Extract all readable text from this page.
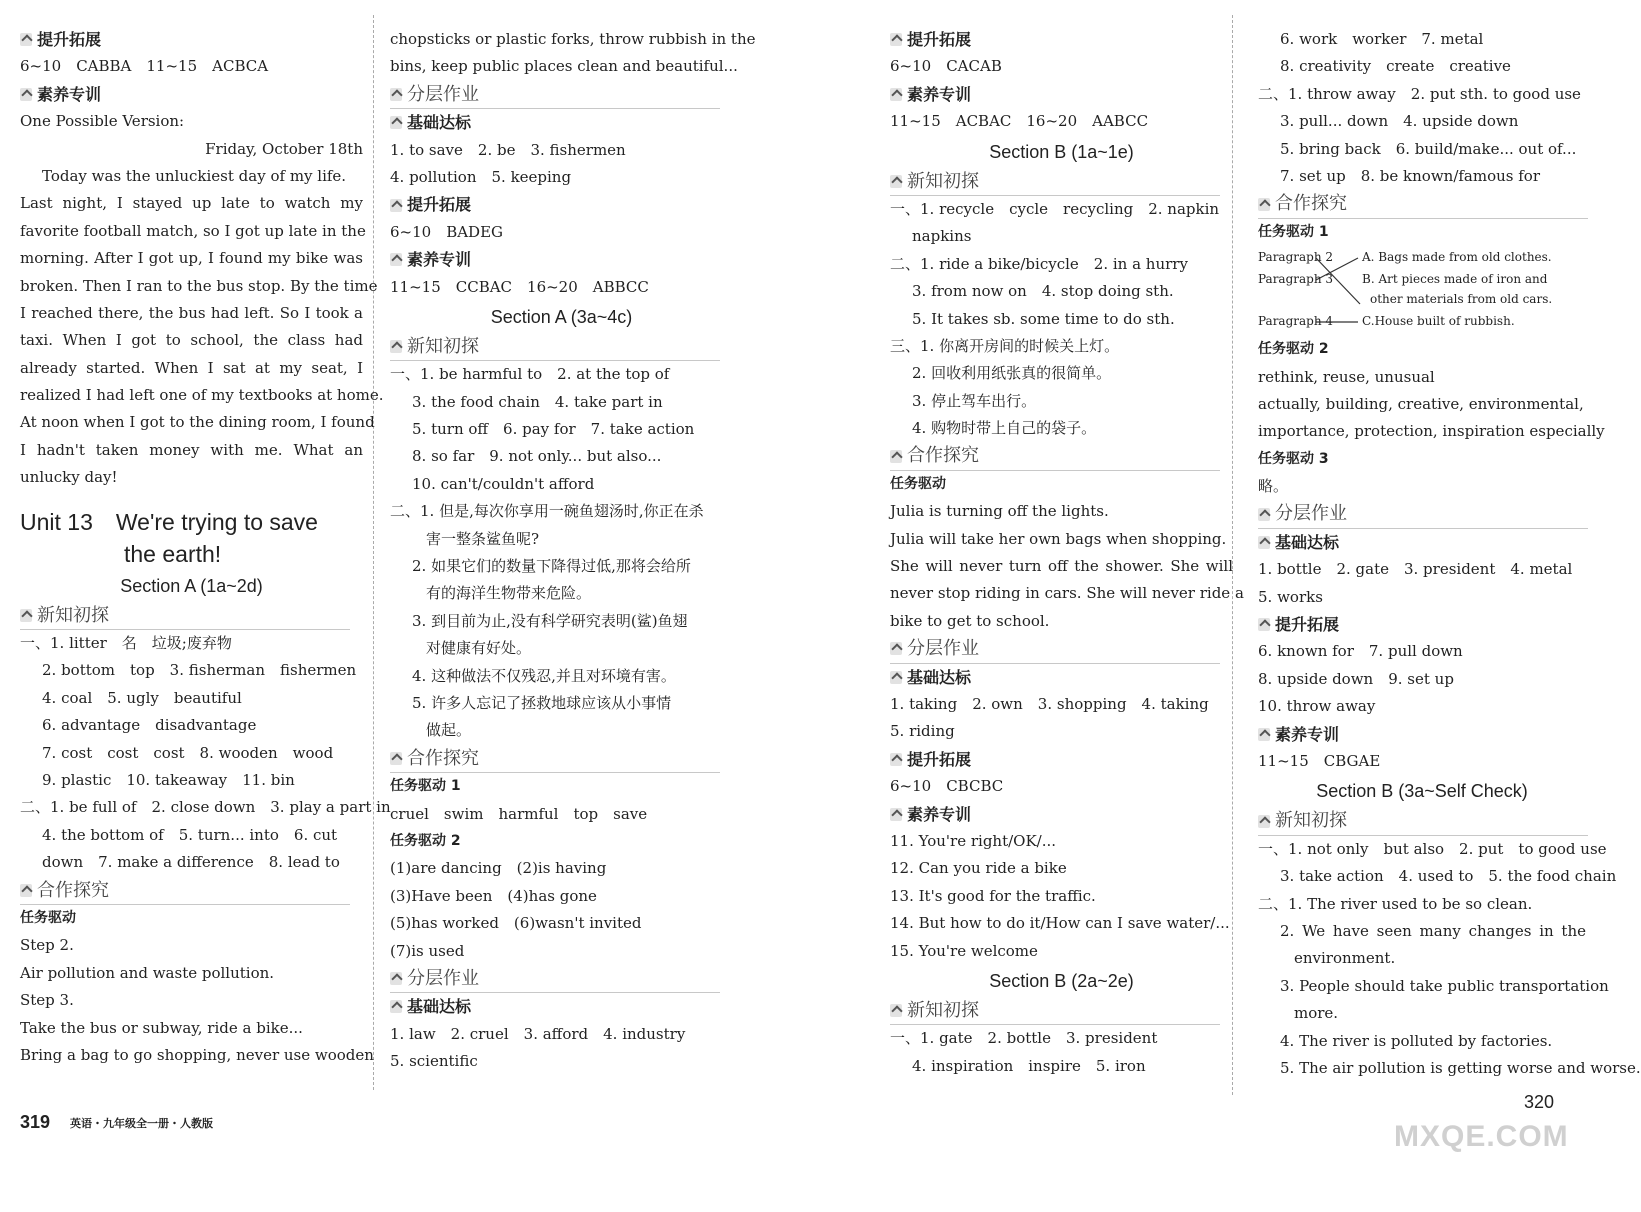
提升拓展
6~10　CABBA　11~15　ACBCA
素养专训
One Possible Version:
Friday, October 18th
Today was the unluckiest day of my life.
Last night, I stayed up late to watch my
favorite football match, so I got up late in the
morning. After I got up, I found my bike was
broken. Then I ran to the bus stop. By the time
I reached there, the bus had left. So I took a
taxi. When I got to school, the class had
already started. When I sat at my seat, I
realized I had left one of my textbooks at home.
At noon when I got to the dining room, I found
I hadn't taken money with me. What an
unlucky day!
Unit 13　We're trying to save
the earth!
Section A (1a~2d)
新知初探
一、1. litter　名　垃圾;废弃物
2. bottom　top　3. fisherman　fishermen
4. coal　5. ugly　beautiful
6. advantage　disadvantage
7. cost　cost　cost　8. wooden　wood
9. plastic　10. takeaway　11. bin
二、1. be full of　2. close down　3. play a part in
4. the bottom of　5. turn... into　6. cut
down　7. make a difference　8. lead to
合作探究
任务驱动
Step 2.
Air pollution and waste pollution.
Step 3.
Take the bus or subway, ride a bike...
Bring a bag to go shopping, never use wooden
chopsticks or plastic forks, throw rubbish in the
bins, keep public places clean and beautiful...
分层作业
基础达标
1. to save　2. be　3. fishermen
4. pollution　5. keeping
提升拓展
6~10　BADEG
素养专训
11~15　CCBAC　16~20　ABBCC
Section A (3a~4c)
新知初探
一、1. be harmful to　2. at the top of
3. the food chain　4. take part in
5. turn off　6. pay for　7. take action
8. so far　9. not only... but also...
10. can't/couldn't afford
二、1. 但是,每次你享用一碗鱼翅汤时,你正在杀
害一整条鲨鱼呢?
2. 如果它们的数量下降得过低,那将会给所
有的海洋生物带来危险。
3. 到目前为止,没有科学研究表明(鲨)鱼翅
对健康有好处。
4. 这种做法不仅残忍,并且对环境有害。
5. 许多人忘记了拯救地球应该从小事情
做起。
合作探究
任务驱动 1
cruel　swim　harmful　top　save
任务驱动 2
(1)are dancing　(2)is having
(3)Have been　(4)has gone
(5)has worked　(6)wasn't invited
(7)is used
分层作业
基础达标
1. law　2. cruel　3. afford　4. industry
5. scientific
提升拓展
6~10　CACAB
素养专训
11~15　ACBAC　16~20　AABCC
Section B (1a~1e)
新知初探
一、1. recycle　cycle　recycling　2. napkin
napkins
二、1. ride a bike/bicycle　2. in a hurry
3. from now on　4. stop doing sth.
5. It takes sb. some time to do sth.
三、1. 你离开房间的时候关上灯。
2. 回收利用纸张真的很简单。
3. 停止驾车出行。
4. 购物时带上自己的袋子。
合作探究
任务驱动
Julia is turning off the lights.
Julia will take her own bags when shopping.
She will never turn off the shower. She will
never stop riding in cars. She will never ride a
bike to get to school.
分层作业
基础达标
1. taking　2. own　3. shopping　4. taking
5. riding
提升拓展
6~10　CBCBC
素养专训
11. You're right/OK/...
12. Can you ride a bike
13. It's good for the traffic.
14. But how to do it/How can I save water/...
15. You're welcome
Section B (2a~2e)
新知初探
一、1. gate　2. bottle　3. president
4. inspiration　inspire　5. iron
6. work　worker　7. metal
8. creativity　create　creative
二、1. throw away　2. put sth. to good use
3. pull... down　4. upside down
5. bring back　6. build/make... out of...
7. set up　8. be known/famous for
合作探究
任务驱动 1
Paragraph 2
Paragraph 3
Paragraph 4
A. Bags made from old clothes.
B. Art pieces made of iron and
other materials from old cars.
C.House built of rubbish.
任务驱动 2
rethink, reuse, unusual
actually, building, creative, environmental,
importance, protection, inspiration especially
任务驱动 3
略。
分层作业
基础达标
1. bottle　2. gate　3. president　4. metal
5. works
提升拓展
6. known for　7. pull down
8. upside down　9. set up
10. throw away
素养专训
11~15　CBGAE
Section B (3a~Self Check)
新知初探
一、1. not only　but also　2. put　to good use
3. take action　4. used to　5. the food chain
二、1. The river used to be so clean.
2. We have seen many changes in the
environment.
3. People should take public transportation
more.
4. The river is polluted by factories.
5. The air pollution is getting worse and worse.
319 英语・九年级全一册・人教版	MXQE.COM
320
